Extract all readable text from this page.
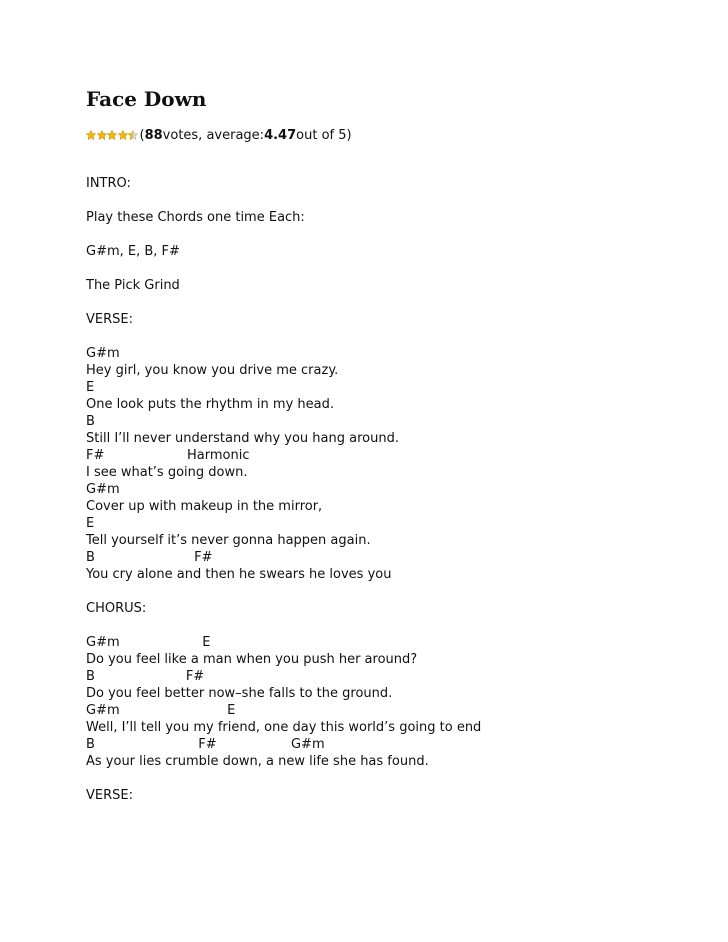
Face Down
( 88 votes, average: 4.47 out of 5)
INTRO:
Play these Chords one time Each:
G#m, E, B, F#
The Pick Grind
VERSE:
G#m
Hey girl, you know you drive me crazy.
E
One look puts the rhythm in my head.
B
Still I’ll never understand why you hang around.
F#                    Harmonic
I see what’s going down.
G#m
Cover up with makeup in the mirror,
E
Tell yourself it’s never gonna happen again.
B                        F#
You cry alone and then he swears he loves you
CHORUS:
G#m                    E
Do you feel like a man when you push her around?
B                      F#
Do you feel better now–she falls to the ground.
G#m                          E
Well, I’ll tell you my friend, one day this world’s going to end
B                         F#                  G#m
As your lies crumble down, a new life she has found.
VERSE:
